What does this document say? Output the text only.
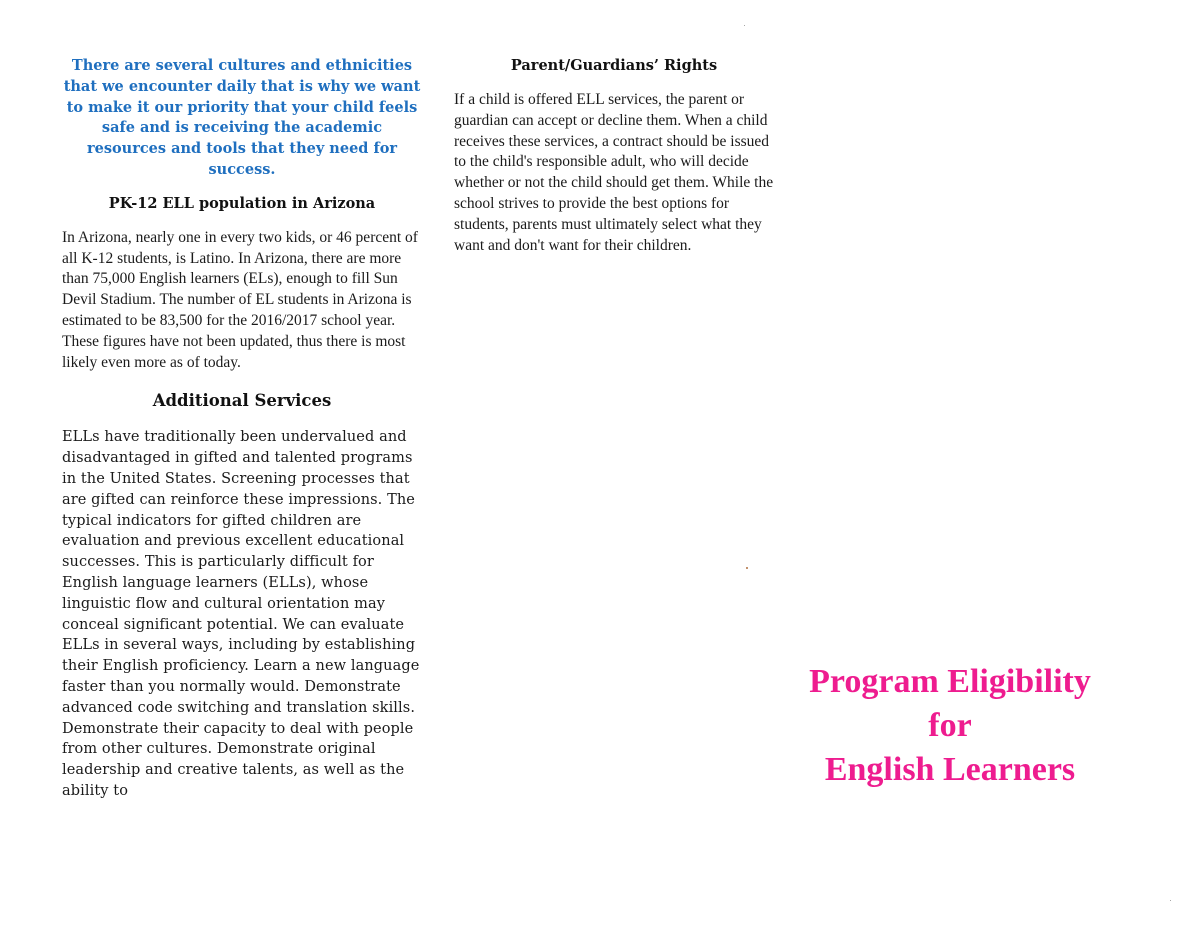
There are several cultures and ethnicities that we encounter daily that is why we want to make it our priority that your child feels safe and is receiving the academic resources and tools that they need for success.

PK-12 ELL population in Arizona

In Arizona, nearly one in every two kids, or 46 percent of all K-12 students, is Latino. In Arizona, there are more than 75,000 English learners (ELs), enough to fill Sun Devil Stadium. The number of EL students in Arizona is estimated to be 83,500 for the 2016/2017 school year. These figures have not been updated, thus there is most likely even more as of today.

Additional Services

ELLs have traditionally been undervalued and disadvantaged in gifted and talented programs in the United States. Screening processes that are gifted can reinforce these impressions. The typical indicators for gifted children are evaluation and previous excellent educational successes. This is particularly difficult for English language learners (ELLs), whose linguistic flow and cultural orientation may conceal significant potential. We can evaluate ELLs in several ways, including by establishing their English proficiency. Learn a new language faster than you normally would. Demonstrate advanced code switching and translation skills. Demonstrate their capacity to deal with people from other cultures. Demonstrate original leadership and creative talents, as well as the ability to

Parent/Guardians’ Rights

If a child is offered ELL services, the parent or guardian can accept or decline them. When a child receives these services, a contract should be issued to the child's responsible adult, who will decide whether or not the child should get them. While the school strives to provide the best options for students, parents must ultimately select what they want and don't want for their children.

Program Eligibility

for

English Learners
